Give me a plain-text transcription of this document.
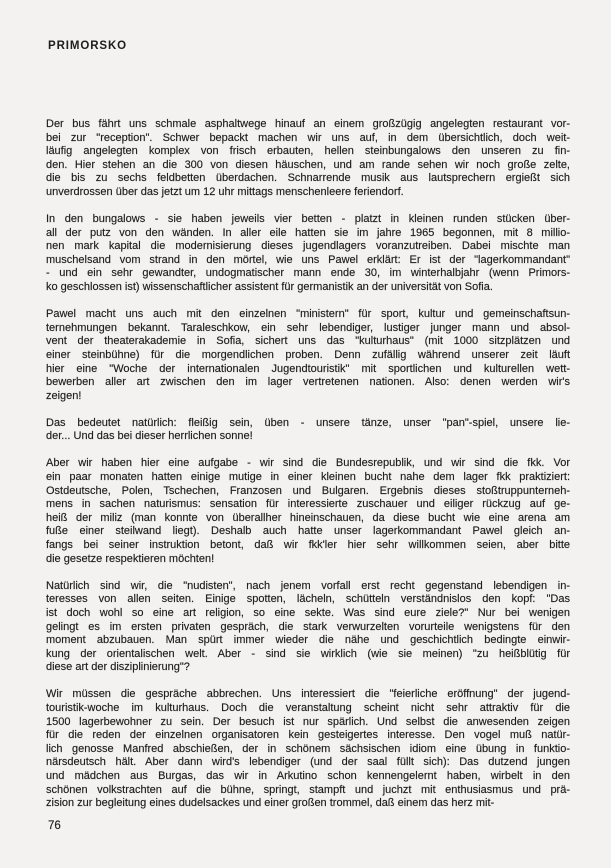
PRIMORSKO
Der bus fährt uns schmale asphaltwege hinauf an einem großzügig angelegten restaurant vor-
bei zur "reception". Schwer bepackt machen wir uns auf, in dem übersichtlich, doch weit-
läufig angelegten komplex von frisch erbauten, hellen steinbungalows den unseren zu fin-
den. Hier stehen an die 300 von diesen häuschen, und am rande sehen wir noch große zelte,
die bis zu sechs feldbetten überdachen. Schnarrende musik aus lautsprechern ergießt sich
unverdrossen über das jetzt um 12 uhr mittags menschenleere feriendorf.
In den bungalows - sie haben jeweils vier betten - platzt in kleinen runden stücken über-
all der putz von den wänden. In aller eile hatten sie im jahre 1965 begonnen, mit 8 millio-
nen mark kapital die modernisierung dieses jugendlagers voranzutreiben. Dabei mischte man
muschelsand vom strand in den mörtel, wie uns Pawel erklärt: Er ist der "lagerkommandant"
- und ein sehr gewandter, undogmatischer mann ende 30, im winterhalbjahr (wenn Primors-
ko geschlossen ist) wissenschaftlicher assistent für germanistik an der universität von Sofia.
Pawel macht uns auch mit den einzelnen "ministern" für sport, kultur und gemeinschaftsun-
ternehmungen bekannt. Taraleschkow, ein sehr lebendiger, lustiger junger mann und absol-
vent der theaterakademie in Sofia, sichert uns das "kulturhaus" (mit 1000 sitzplätzen und
einer steinbühne) für die morgendlichen proben. Denn zufällig während unserer zeit läuft
hier eine "Woche der internationalen Jugendtouristik" mit sportlichen und kulturellen wett-
bewerben aller art zwischen den im lager vertretenen nationen. Also: denen werden wir's
zeigen!
Das bedeutet natürlich: fleißig sein, üben - unsere tänze, unser "pan"-spiel, unsere lie-
der... Und das bei dieser herrlichen sonne!
Aber wir haben hier eine aufgabe - wir sind die Bundesrepublik, und wir sind die fkk. Vor
ein paar monaten hatten einige mutige in einer kleinen bucht nahe dem lager fkk praktiziert:
Ostdeutsche, Polen, Tschechen, Franzosen und Bulgaren. Ergebnis dieses stoßtruppunterneh-
mens in sachen naturismus: sensation für interessierte zuschauer und eiliger rückzug auf ge-
heiß der miliz (man konnte von überallher hineinschauen, da diese bucht wie eine arena am
fuße einer steilwand liegt). Deshalb auch hatte unser lagerkommandant Pawel gleich an-
fangs bei seiner instruktion betont, daß wir fkk'ler hier sehr willkommen seien, aber bitte
die gesetze respektieren möchten!
Natürlich sind wir, die "nudisten", nach jenem vorfall erst recht gegenstand lebendigen in-
teresses von allen seiten. Einige spotten, lächeln, schütteln verständnislos den kopf: "Das
ist doch wohl so eine art religion, so eine sekte. Was sind eure ziele?" Nur bei wenigen
gelingt es im ersten privaten gespräch, die stark verwurzelten vorurteile wenigstens für den
moment abzubauen. Man spürt immer wieder die nähe und geschichtlich bedingte einwir-
kung der orientalischen welt. Aber - sind sie wirklich (wie sie meinen) "zu heißblütig für
diese art der disziplinierung"?
Wir müssen die gespräche abbrechen. Uns interessiert die "feierliche eröffnung" der jugend-
touristik-woche im kulturhaus. Doch die veranstaltung scheint nicht sehr attraktiv für die
1500 lagerbewohner zu sein. Der besuch ist nur spärlich. Und selbst die anwesenden zeigen
für die reden der einzelnen organisatoren kein gesteigertes interesse. Den vogel muß natür-
lich genosse Manfred abschießen, der in schönem sächsischen idiom eine übung in funktio-
närsdeutsch hält. Aber dann wird's lebendiger (und der saal füllt sich): Das dutzend jungen
und mädchen aus Burgas, das wir in Arkutino schon kennengelernt haben, wirbelt in den
schönen volkstrachten auf die bühne, springt, stampft und juchzt mit enthusiasmus und prä-
zision zur begleitung eines dudelsackes und einer großen trommel, daß einem das herz mit-
76
